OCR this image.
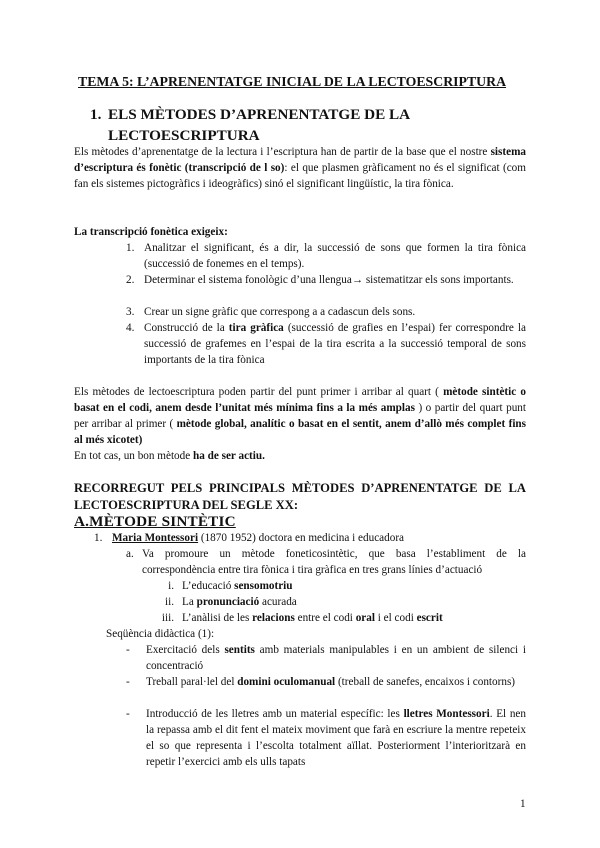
TEMA 5: L’APRENENTATGE INICIAL DE LA LECTOESCRIPTURA
1. ELS MÈTODES D’APRENENTATGE DE LA
LECTOESCRIPTURA

Els mètodes d’aprenentatge de la lectura i l’escriptura han de partir de la base que el nostre sistema d’escriptura és fonètic (transcripció de l so): el que plasmen gràficament no és el significat (com fan els sistemes pictogràfics i ideogràfics) sinó el significant lingüístic, la tira fònica.

La transcripció fonètica exigeix:
1. Analitzar el significant, és a dir, la successió de sons que formen la tira fònica (successió de fonemes en el temps).
2. Determinar el sistema fonològic d’una llengua→ sistematitzar els sons importants.
3. Crear un signe gràfic que correspong a a cadascun dels sons.
4. Construcció de la tira gràfica (successió de grafies en l’espai) fer correspondre la successió de grafemes en l’espai de la tira escrita a la successió temporal de sons importants de la tira fònica

Els mètodes de lectoescriptura poden partir del punt primer i arribar al quart ( mètode sintètic o basat en el codi, anem desde l’unitat més mínima fins a la més amplas ) o partir del quart punt per arribar al primer ( mètode global, analític o basat en el sentit, anem d’allò més complet fins al més xicotet)

En tot cas, un bon mètode ha de ser actiu.
RECORREGUT PELS PRINCIPALS MÈTODES D’APRENENTATGE DE LA LECTOESCRIPTURA DEL SEGLE XX:
A.MÈTODE SINTÈTIC
1. Maria Montessori (1870 1952) doctora en medicina i educadora
a. Va promoure un mètode foneticosintètic, que basa l’establiment de la correspondència entre tira fònica i tira gràfica en tres grans línies d’actuació
i. L’educació sensomotriu
ii. La pronunciació acurada
iii. L’anàlisi de les relacions entre el codi oral i el codi escrit
Seqüència didàctica (1):
- Exercitació dels sentits amb materials manipulables i en un ambient de silenci i concentració
- Treball paral·lel del domini oculomanual (treball de sanefes, encaixos i contorns)
- Introducció de les lletres amb un material específic: les lletres Montessori. El nen la repassa amb el dit fent el mateix moviment que farà en escriure la mentre repeteix el so que representa i l’escolta totalment aïllat. Posteriorment l’interioritzarà en repetir l’exercici amb els ulls tapats
1
